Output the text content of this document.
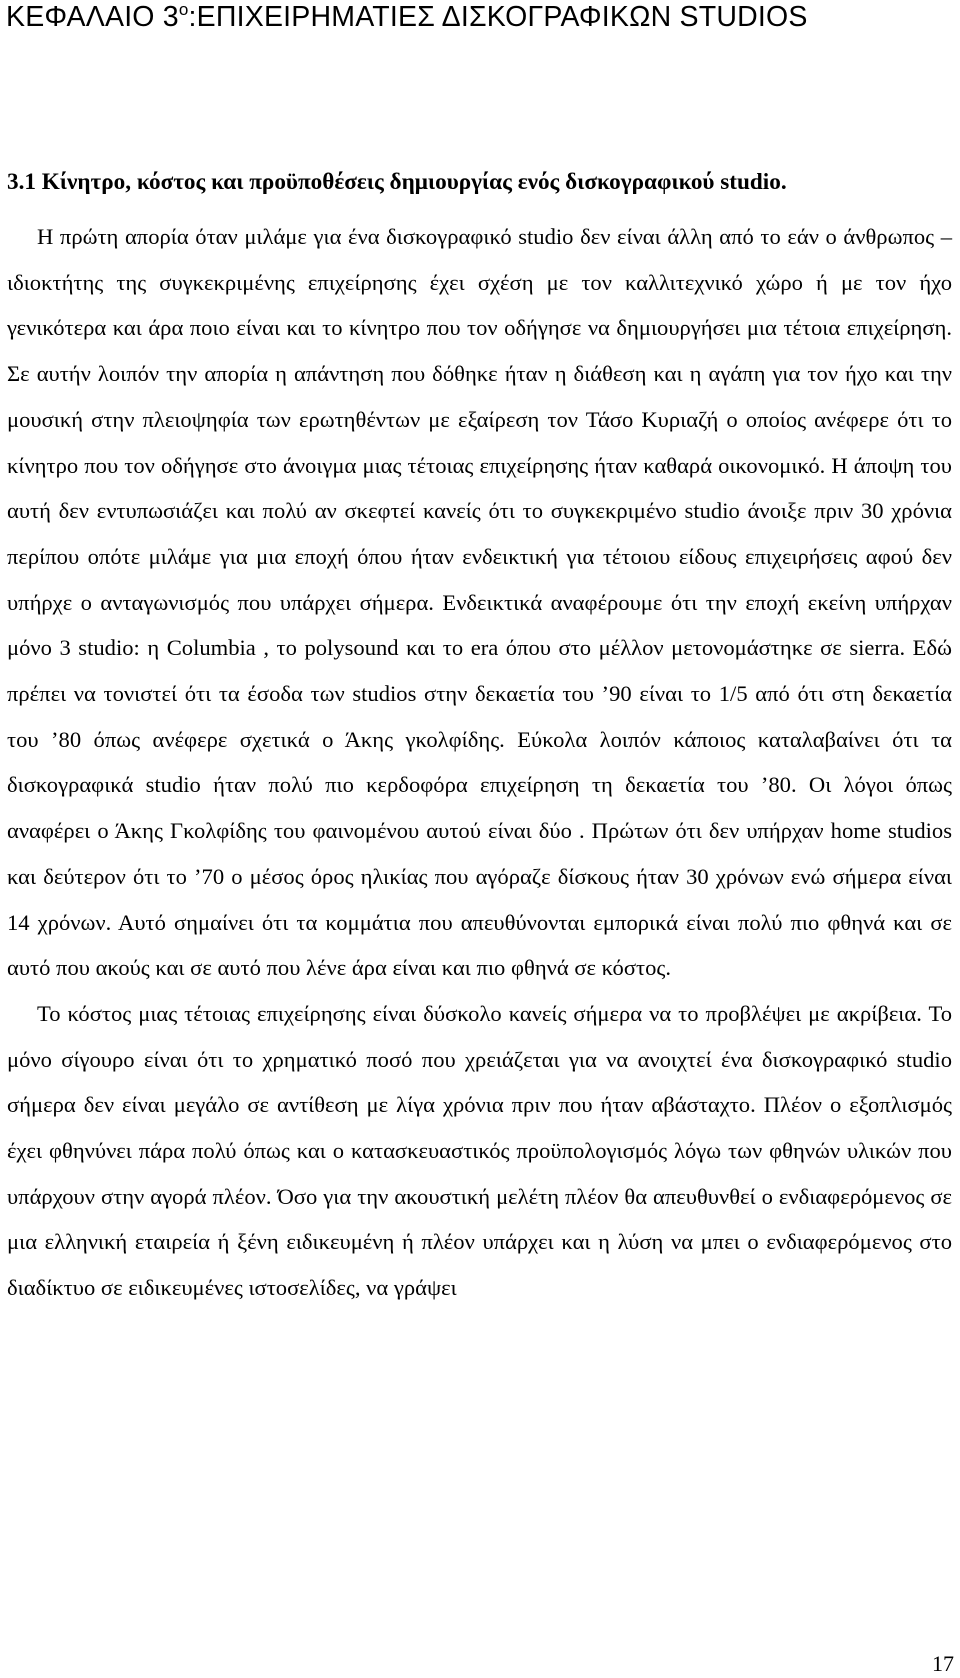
ΚΕΦΑΛΑΙΟ $3^o:E\Pi IXEIPHMATIE\Sigma$ ΔΙΣΚΟΓΡΑΦΙΚΩΝ STUDIOS
3.1 Κίνητρο, κόστος και προϋποθέσεις δημιουργίας ενός δισκογραφικού studio.

Η πρώτη απορία όταν μιλάμε για ένα δισκογραφικό studio δεν είναι άλλη από το εάν ο άνθρωπος – ιδιοκτήτης της συγκεκριμένης επιχείρησης έχει σχέση με τον καλλιτεχνικό χώρο ή με τον ήχο γενικότερα και άρα ποιο είναι και το κίνητρο που τον οδήγησε να δημιουργήσει μια τέτοια επιχείρηση. Σε αυτήν λοιπόν την απορία η απάντηση που δόθηκε ήταν η διάθεση και η αγάπη για τον ήχο και την μουσική στην πλειοψηφία των ερωτηθέντων με εξαίρεση τον Τάσο Κυριαζή ο οποίος ανέφερε ότι το κίνητρο που τον οδήγησε στο άνοιγμα μιας τέτοιας επιχείρησης ήταν καθαρά οικονομικό. Η άποψη του αυτή δεν εντυπωσιάζει και πολύ αν σκεφτεί κανείς ότι το συγκεκριμένο studio άνοιξε πριν 30 χρόνια περίπου οπότε μιλάμε για μια εποχή όπου ήταν ενδεικτική για τέτοιου είδους επιχειρήσεις αφού δεν υπήρχε ο ανταγωνισμός που υπάρχει σήμερα. Ενδεικτικά αναφέρουμε ότι την εποχή εκείνη υπήρχαν μόνο 3 studio: η Columbia , το polysound και το era όπου στο μέλλον μετονομάστηκε σε sierra. Εδώ πρέπει να τονιστεί ότι τα έσοδα των studios στην δεκαετία του ’90 είναι το 1/5 από ότι στη δεκαετία του ’80 όπως ανέφερε σχετικά ο Άκης γκολφίδης. Εύκολα λοιπόν κάποιος καταλαβαίνει ότι τα δισκογραφικά studio ήταν πολύ πιο κερδοφόρα επιχείρηση τη δεκαετία του ’80. Οι λόγοι όπως αναφέρει ο Άκης Γκολφίδης του φαινομένου αυτού είναι δύο . Πρώτων ότι δεν υπήρχαν home studios και δεύτερον ότι το ’70 ο μέσος όρος ηλικίας που αγόραζε δίσκους ήταν 30 χρόνων ενώ σήμερα είναι 14 χρόνων. Αυτό σημαίνει ότι τα κομμάτια που απευθύνονται εμπορικά είναι πολύ πιο φθηνά και σε αυτό που ακούς και σε αυτό που λένε άρα είναι και πιο φθηνά σε κόστος.

Το κόστος μιας τέτοιας επιχείρησης είναι δύσκολο κανείς σήμερα να το προβλέψει με ακρίβεια. Το μόνο σίγουρο είναι ότι το χρηματικό ποσό που χρειάζεται για να ανοιχτεί ένα δισκογραφικό studio σήμερα δεν είναι μεγάλο σε αντίθεση με λίγα χρόνια πριν που ήταν αβάσταχτο. Πλέον ο εξοπλισμός έχει φθηνύνει πάρα πολύ όπως και ο κατασκευαστικός προϋπολογισμός λόγω των φθηνών υλικών που υπάρχουν στην αγορά πλέον. Όσο για την ακουστική μελέτη πλέον θα απευθυνθεί ο ενδιαφερόμενος σε μια ελληνική εταιρεία ή ξένη ειδικευμένη ή πλέον υπάρχει και η λύση να μπει ο ενδιαφερόμενος στο διαδίκτυο σε ειδικευμένες ιστοσελίδες, να γράψει

17
